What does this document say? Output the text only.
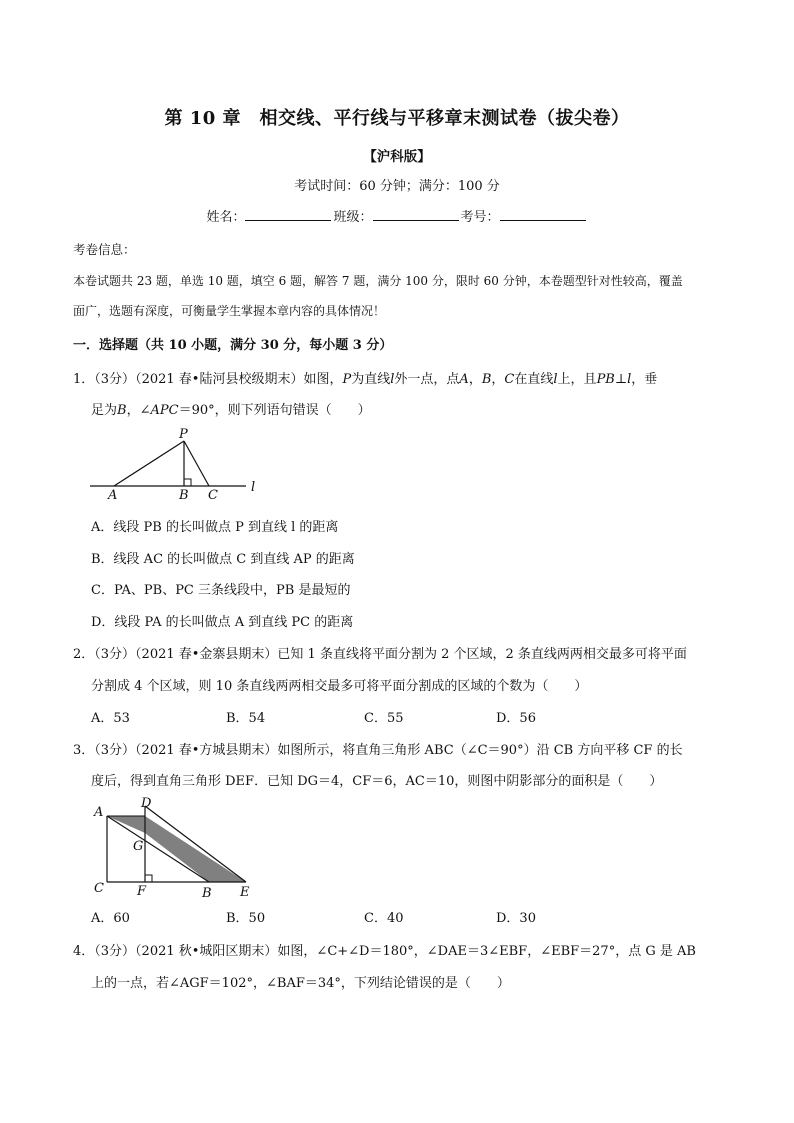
第 10 章　相交线、平行线与平移章末测试卷（拔尖卷）
【沪科版】
考试时间：60 分钟；满分：100 分
姓名：	班级：	考号：
考卷信息：
本卷试题共 23 题，单选 10 题，填空 6 题，解答 7 题，满分 100 分，限时 60 分钟，本卷题型针对性较高，覆盖
面广，选题有深度，可衡量学生掌握本章内容的具体情况！
一．选择题（共 10 小题，满分 30 分，每小题 3 分）
1．（3分）（2021 春•陆河县校级期末）如图，P为直线l外一点，点A，B，C在直线l上，且PB⊥l，垂
足为B，∠APC＝90°，则下列语句错误（　　）
P
A	B C
l
A．线段 PB 的长叫做点 P 到直线 l 的距离
B．线段 AC 的长叫做点 C 到直线 AP 的距离
C．PA、PB、PC 三条线段中，PB 是最短的
D．线段 PA 的长叫做点 A 到直线 PC 的距离
2．（3分）（2021 春•金寨县期末）已知 1 条直线将平面分割为 2 个区域，2 条直线两两相交最多可将平面
分割成 4 个区域，则 10 条直线两两相交最多可将平面分割成的区域的个数为（　　）
A．53	B．54	C．55	D．56
3．（3分）（2021 春•方城县期末）如图所示，将直角三角形 ABC（∠C＝90°）沿 CB 方向平移 CF 的长
度后，得到直角三角形 DEF．已知 DG＝4，CF＝6，AC＝10，则图中阴影部分的面积是（　　）
A
D
G
C	F	B E
A．60	B．50	C．40	D．30
4．（3分）（2021 秋•城阳区期末）如图，∠C+∠D＝180°，∠DAE＝3∠EBF，∠EBF＝27°，点 G 是 AB
上的一点，若∠AGF＝102°，∠BAF＝34°，下列结论错误的是（　　）
